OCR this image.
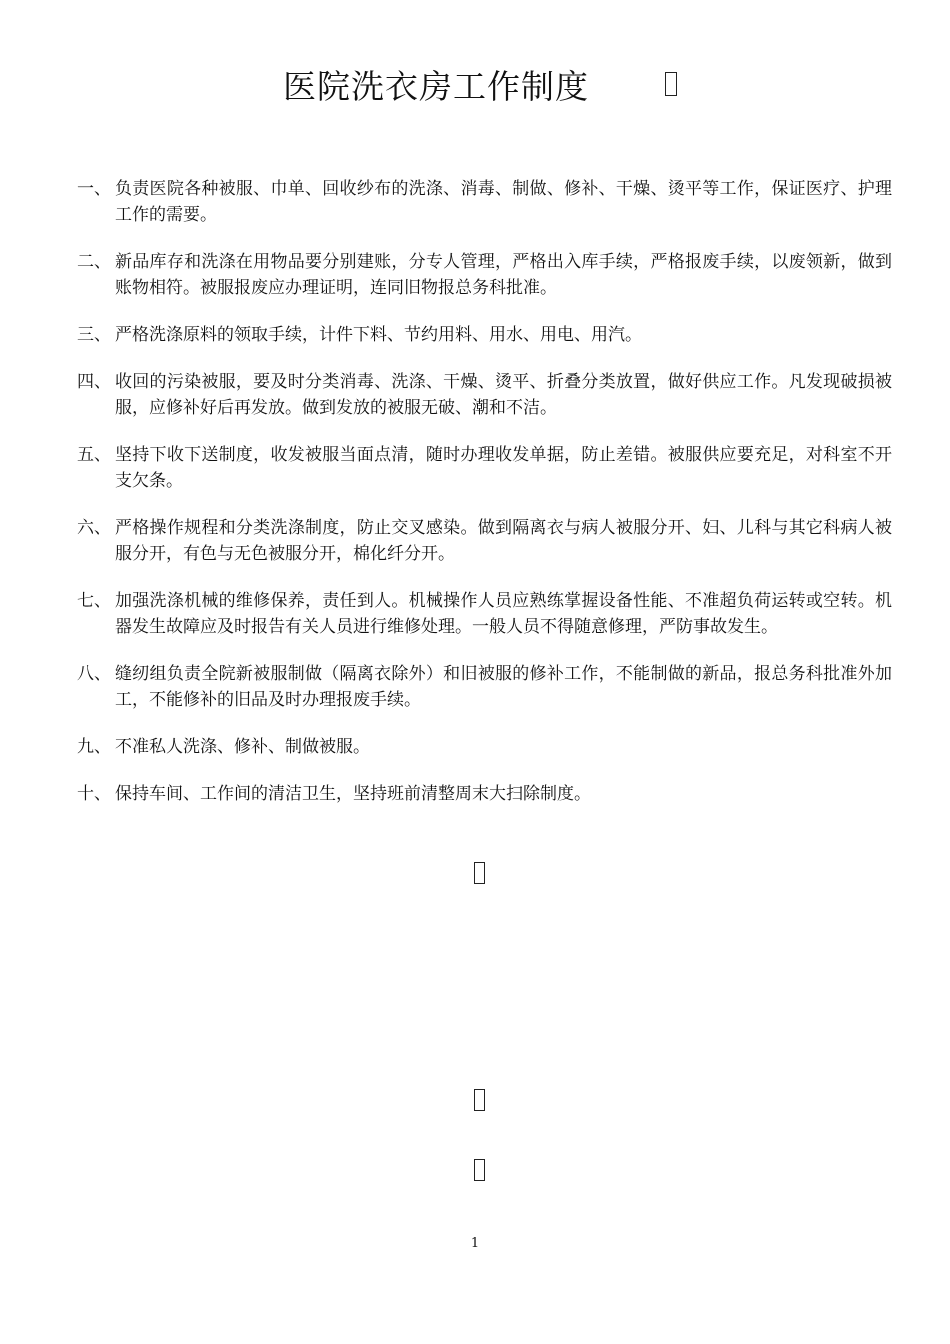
医院洗衣房工作制度
一、 负责医院各种被服、巾单、回收纱布的洗涤、消毒、制做、修补、干燥、烫平等工作，保证医疗、护理工作的需要。
二、 新品库存和洗涤在用物品要分别建账，分专人管理，严格出入库手续，严格报废手续，以废领新，做到账物相符。被服报废应办理证明，连同旧物报总务科批准。
三、 严格洗涤原料的领取手续，计件下料、节约用料、用水、用电、用汽。
四、 收回的污染被服，要及时分类消毒、洗涤、干燥、烫平、折叠分类放置，做好供应工作。凡发现破损被服，应修补好后再发放。做到发放的被服无破、潮和不洁。
五、 坚持下收下送制度，收发被服当面点清，随时办理收发单据，防止差错。被服供应要充足，对科室不开支欠条。
六、 严格操作规程和分类洗涤制度，防止交叉感染。做到隔离衣与病人被服分开、妇、儿科与其它科病人被服分开，有色与无色被服分开，棉化纤分开。
七、 加强洗涤机械的维修保养，责任到人。机械操作人员应熟练掌握设备性能、不准超负荷运转或空转。机器发生故障应及时报告有关人员进行维修处理。一般人员不得随意修理，严防事故发生。
八、 缝纫组负责全院新被服制做（隔离衣除外）和旧被服的修补工作，不能制做的新品，报总务科批准外加工，不能修补的旧品及时办理报废手续。
九、 不准私人洗涤、修补、制做被服。
十、 保持车间、工作间的清洁卫生，坚持班前清整周末大扫除制度。
1
